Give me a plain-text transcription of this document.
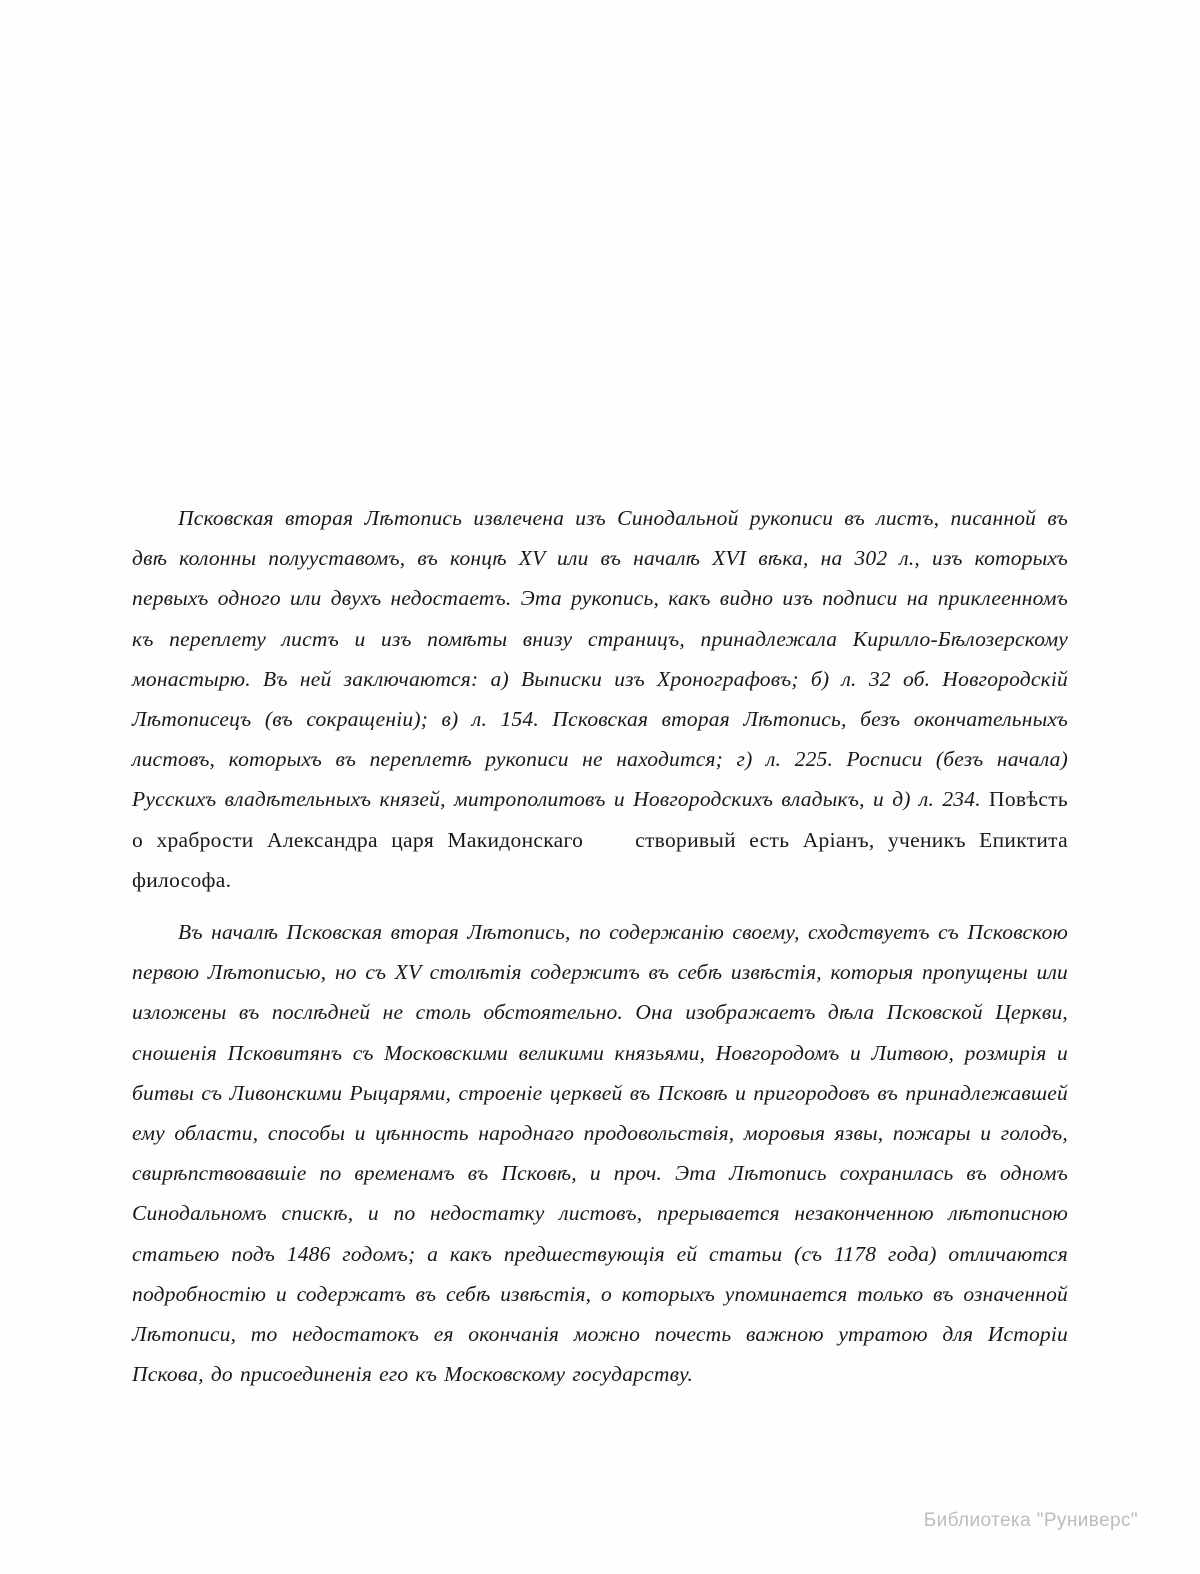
Псковская вторая Лѣтопись извлечена изъ Синодальной рукописи въ листъ, писанной въ двѣ колонны полууставомъ, въ концѣ XV или въ началѣ XVI вѣка, на 302 л., изъ которыхъ первыхъ одного или двухъ недостаетъ. Эта рукопись, какъ видно изъ подписи на приклеенномъ къ переплету листъ и изъ помѣты внизу страницъ, принадлежала Кирилло-Бѣлозерскому монастырю. Въ ней заключаются: а) Выписки изъ Хронографовъ; б) л. 32 об. Новгородскiй Лѣтописецъ (въ сокращенiи); в) л. 154. Псковская вторая Лѣтопись, безъ окончательныхъ листовъ, которыхъ въ переплетѣ рукописи не находится; г) л. 225. Росписи (безъ начала) Русскихъ владѣтельныхъ князей, митрополитовъ и Новгородскихъ владыкъ, и д) л. 234. Повѣсть о храбрости Александра царя Макидонскаго створивый есть Арiанъ, ученикъ Епиктита философа.

Въ началѣ Псковская вторая Лѣтопись, по содержанiю своему, сходствуетъ съ Псковскою первою Лѣтописью, но съ XV столѣтiя содержитъ въ себѣ извѣстiя, которыя пропущены или изложены въ послѣдней не столь обстоятельно. Она изображаетъ дѣла Псковской Церкви, сношенiя Псковитянъ съ Московскими великими князьями, Новгородомъ и Литвою, розмирiя и битвы съ Ливонскими Рыцарями, строенiе церквей въ Псковѣ и пригородовъ въ принадлежавшей ему области, способы и цѣнность народнаго продовольствiя, моровыя язвы, пожары и голодъ, свирѣпствовавшiе по временамъ въ Псковѣ, и проч. Эта Лѣтопись сохранилась въ одномъ Синодальномъ спискѣ, и по недостатку листовъ, прерывается незаконченною лѣтописною статьею подъ 1486 годомъ; а какъ предшествующiя ей статьи (съ 1178 года) отличаются подробностiю и содержатъ въ себѣ извѣстiя, о которыхъ упоминается только въ означенной Лѣтописи, то недостатокъ ея окончанiя можно почесть важною утратою для Исторiи Пскова, до присоединенiя его къ Московскому государству.

Библиотека "Руниверс"
